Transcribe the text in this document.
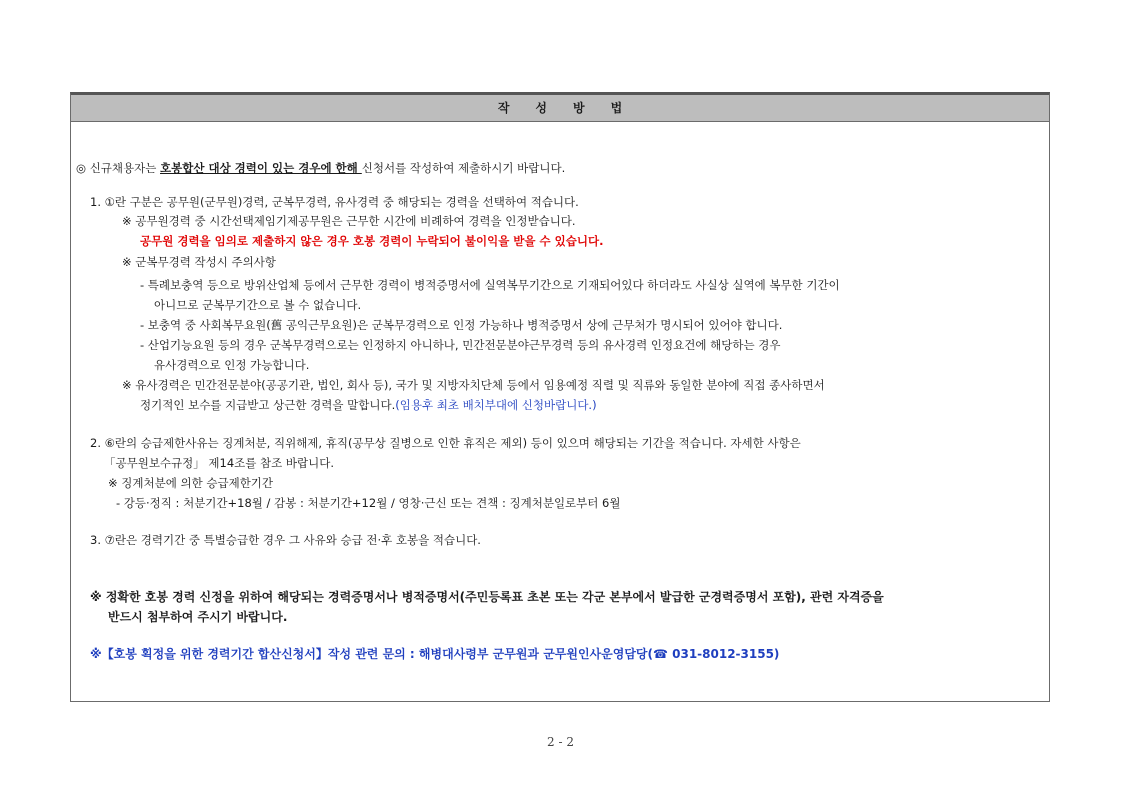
작성방법
◎ 신규채용자는 호봉합산 대상 경력이 있는 경우에 한해 신청서를 작성하여 제출하시기 바랍니다.
1. ①란 구분은 공무원(군무원)경력, 군복무경력, 유사경력 중 해당되는 경력을 선택하여 적습니다.
※ 공무원경력 중 시간선택제임기제공무원은 근무한 시간에 비례하여 경력을 인정받습니다.
공무원 경력을 임의로 제출하지 않은 경우 호봉 경력이 누락되어 불이익을 받을 수 있습니다.
※ 군복무경력 작성시 주의사항
- 특례보충역 등으로 방위산업체 등에서 근무한 경력이 병적증명서에 실역복무기간으로 기재되어있다 하더라도 사실상 실역에 복무한 기간이
아니므로 군복무기간으로 볼 수 없습니다.
- 보충역 중 사회복무요원(舊 공익근무요원)은 군복무경력으로 인정 가능하나 병적증명서 상에 근무처가 명시되어 있어야 합니다.
- 산업기능요원 등의 경우 군복무경력으로는 인정하지 아니하나, 민간전문분야근무경력 등의 유사경력 인정요건에 해당하는 경우
유사경력으로 인정 가능합니다.
※ 유사경력은 민간전문분야(공공기관, 법인, 회사 등), 국가 및 지방자치단체 등에서 임용예정 직렬 및 직류와 동일한 분야에 직접 종사하면서
정기적인 보수를 지급받고 상근한 경력을 말합니다.(임용후 최초 배치부대에 신청바랍니다.)
2. ⑥란의 승급제한사유는 징계처분, 직위해제, 휴직(공무상 질병으로 인한 휴직은 제외) 등이 있으며 해당되는 기간을 적습니다. 자세한 사항은
「공무원보수규정」 제14조를 참조 바랍니다.
※ 징계처분에 의한 승급제한기간
- 강등·정직 : 처분기간+18월 / 감봉 : 처분기간+12월 / 영창·근신 또는 견책 : 징계처분일로부터 6월
3. ⑦란은 경력기간 중 특별승급한 경우 그 사유와 승급 전·후 호봉을 적습니다.
※ 정확한 호봉 경력 신정을 위하여 해당되는 경력증명서나 병적증명서(주민등록표 초본 또는 각군 본부에서 발급한 군경력증명서 포함), 관련 자격증을
반드시 첨부하여 주시기 바랍니다.
※【호봉 획정을 위한 경력기간 합산신청서】작성 관련 문의 : 해병대사령부 군무원과 군무원인사운영담당(☎ 031-8012-3155)
2 - 2
